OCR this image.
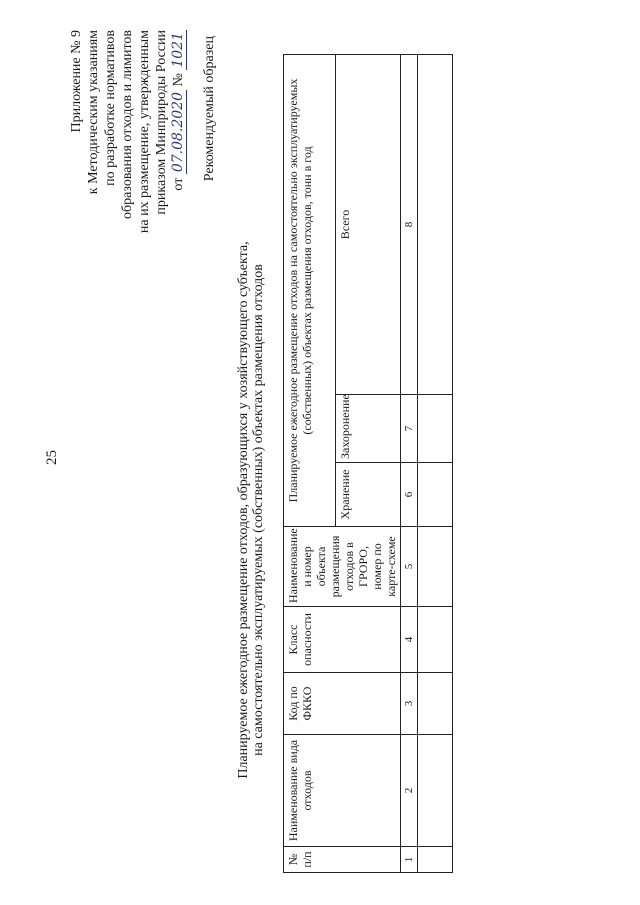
25
Приложение № 9 к Методическим указаниям по разработке нормативов образования отходов и лимитов на их размещение, утвержденным приказом Минприроды России от 07.08.2020 № 1021 Рекомендуемый образец
Планируемое ежегодное размещение отходов, образующихся у хозяйствующего субъекта, на самостоятельно эксплуатируемых (собственных) объектах размещения отходов
№ п/п	Наименование вида отходов	Код по ФККО	Класс опасности	Наименование и номер объекта размещения отходов в ГРОРО, номер по карте-схеме	Планируемое ежегодное размещение отходов на самостоятельно эксплуатируемых (собственных) объектах размещения отходов, тонн в год		
					Хранение	Захоронение	Всего
1	2	3	4	5	6	7	8
